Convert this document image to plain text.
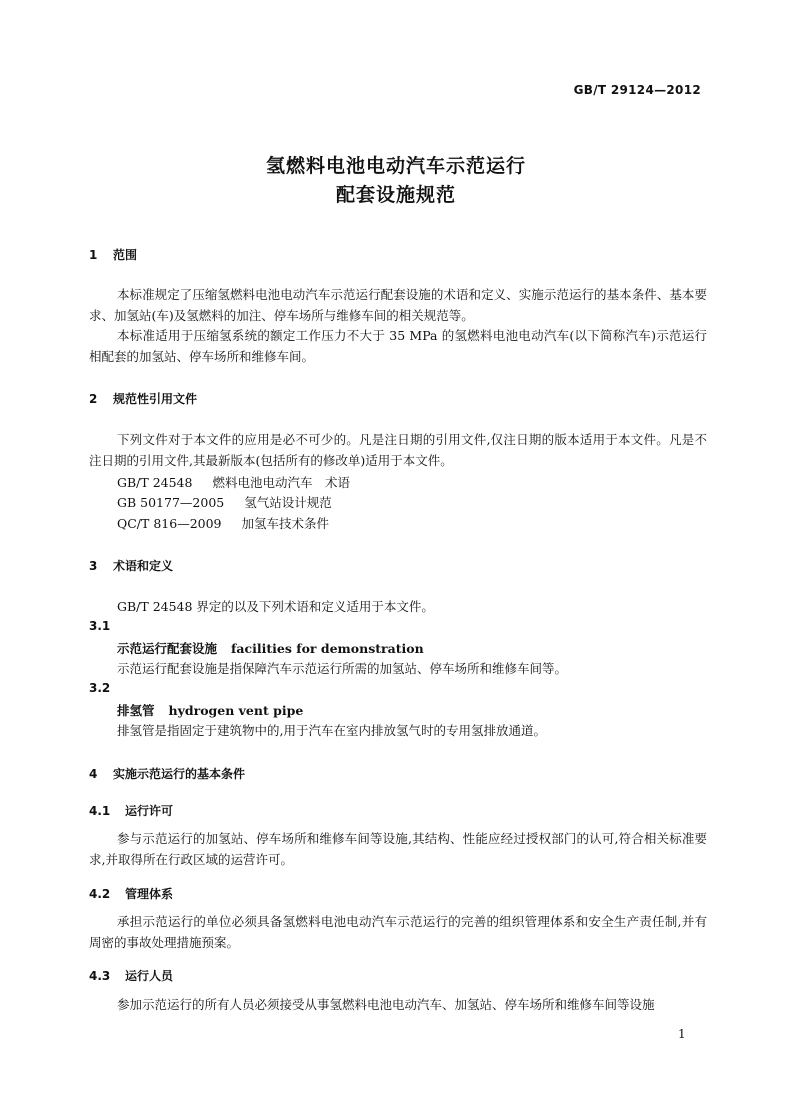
GB/T 29124—2012
氢燃料电池电动汽车示范运行
配套设施规范
1 范围
本标准规定了压缩氢燃料电池电动汽车示范运行配套设施的术语和定义、实施示范运行的基本条件、基本要求、加氢站(车)及氢燃料的加注、停车场所与维修车间的相关规范等。
本标准适用于压缩氢系统的额定工作压力不大于 35 MPa 的氢燃料电池电动汽车(以下简称汽车)示范运行相配套的加氢站、停车场所和维修车间。
2 规范性引用文件
下列文件对于本文件的应用是必不可少的。凡是注日期的引用文件,仅注日期的版本适用于本文件。凡是不注日期的引用文件,其最新版本(包括所有的修改单)适用于本文件。
GB/T 24548 燃料电池电动汽车　术语
GB 50177—2005 氢气站设计规范
QC/T 816—2009 加氢车技术条件
3 术语和定义
GB/T 24548 界定的以及下列术语和定义适用于本文件。
3.1
示范运行配套设施 facilities for demonstration
示范运行配套设施是指保障汽车示范运行所需的加氢站、停车场所和维修车间等。
3.2
排氢管 hydrogen vent pipe
排氢管是指固定于建筑物中的,用于汽车在室内排放氢气时的专用氢排放通道。
4 实施示范运行的基本条件
4.1 运行许可
参与示范运行的加氢站、停车场所和维修车间等设施,其结构、性能应经过授权部门的认可,符合相关标准要求,并取得所在行政区域的运营许可。
4.2 管理体系
承担示范运行的单位必须具备氢燃料电池电动汽车示范运行的完善的组织管理体系和安全生产责任制,并有周密的事故处理措施预案。
4.3 运行人员
参加示范运行的所有人员必须接受从事氢燃料电池电动汽车、加氢站、停车场所和维修车间等设施
1
